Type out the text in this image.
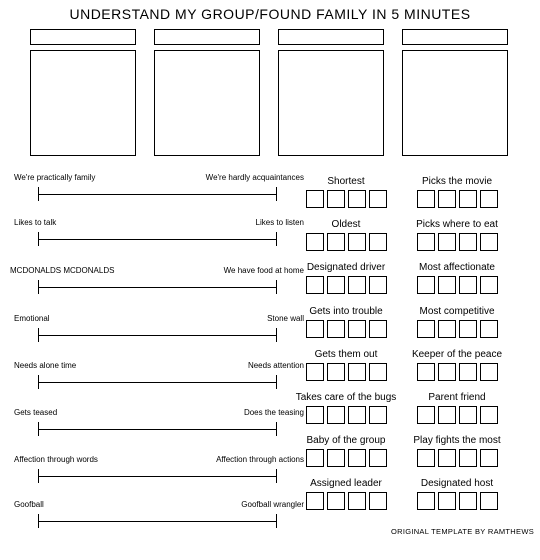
UNDERSTAND MY GROUP/FOUND FAMILY IN 5 MINUTES
We're practically family	We're hardly acquaintances
Likes to talk	Likes to listen
MCDONALDS MCDONALDS	We have food at home
Emotional	Stone wall
Needs alone time	Needs attention
Gets teased	Does the teasing
Affection through words	Affection through actions
Goofball	Goofball wrangler
Shortest
Oldest
Designated driver
Gets into trouble
Gets them out
Takes care of the bugs
Baby of the group
Assigned leader
Picks the movie
Picks where to eat
Most affectionate
Most competitive
Keeper of the peace
Parent friend
Play fights the most
Designated host
ORIGINAL TEMPLATE BY RAMTHEWS
